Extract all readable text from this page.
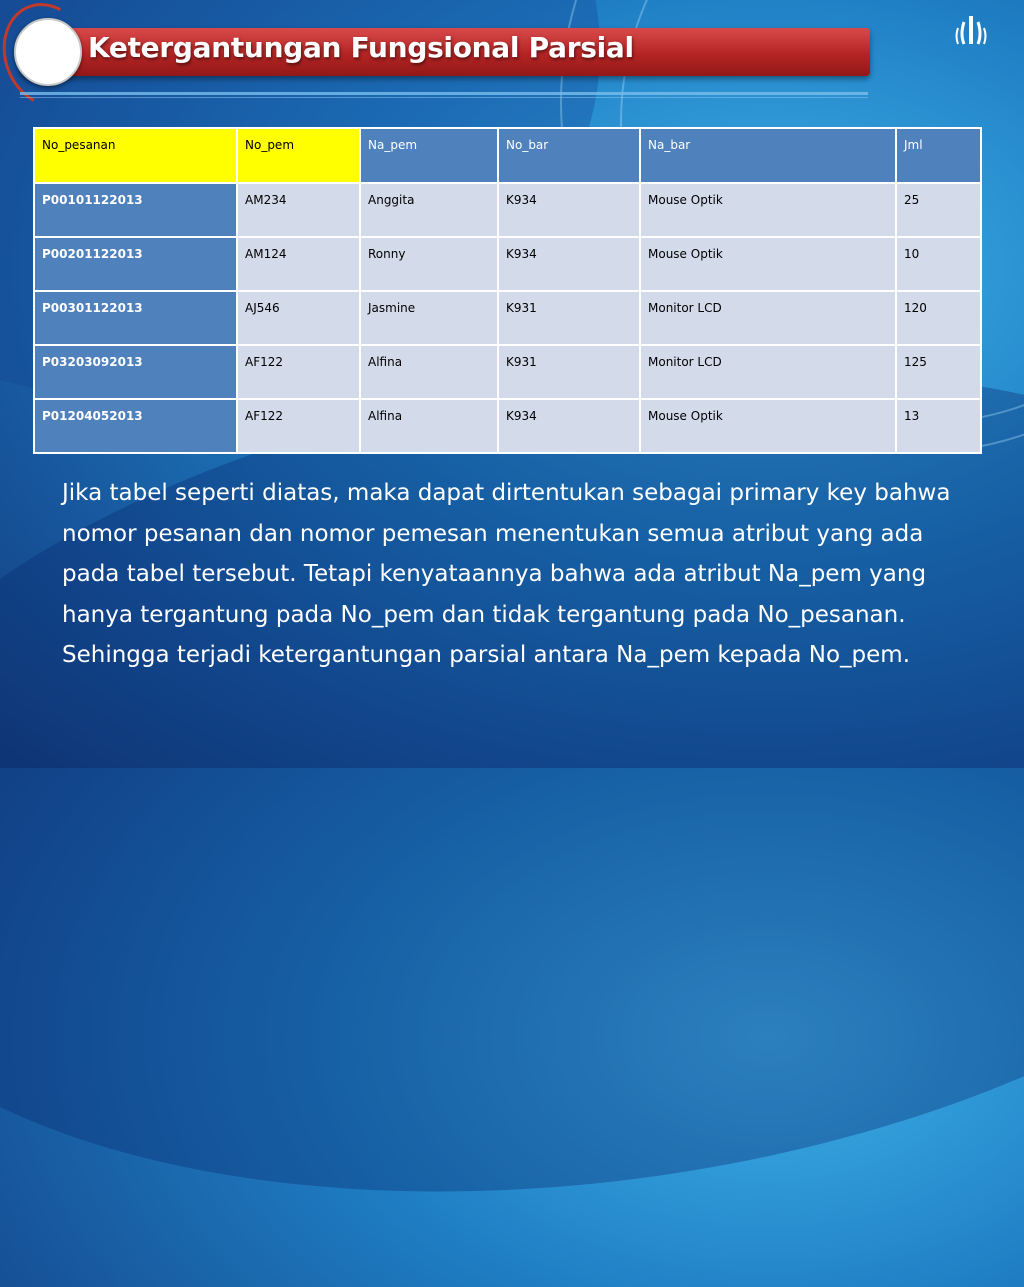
Ketergantungan Fungsional Parsial
No_pesanan	No_pem	Na_pem	No_bar	Na_bar	Jml
P00101122013	AM234	Anggita	K934	Mouse Optik	25
P00201122013	AM124	Ronny	K934	Mouse Optik	10
P00301122013	AJ546	Jasmine	K931	Monitor LCD	120
P03203092013	AF122	Alfina	K931	Monitor LCD	125
P01204052013	AF122	Alfina	K934	Mouse Optik	13
Jika tabel seperti diatas, maka dapat dirtentukan sebagai primary key bahwa nomor pesanan dan nomor pemesan menentukan semua atribut yang ada pada tabel tersebut. Tetapi kenyataannya bahwa ada atribut Na_pem yang hanya tergantung pada No_pem dan tidak tergantung pada No_pesanan. Sehingga terjadi ketergantungan parsial antara Na_pem kepada No_pem.
